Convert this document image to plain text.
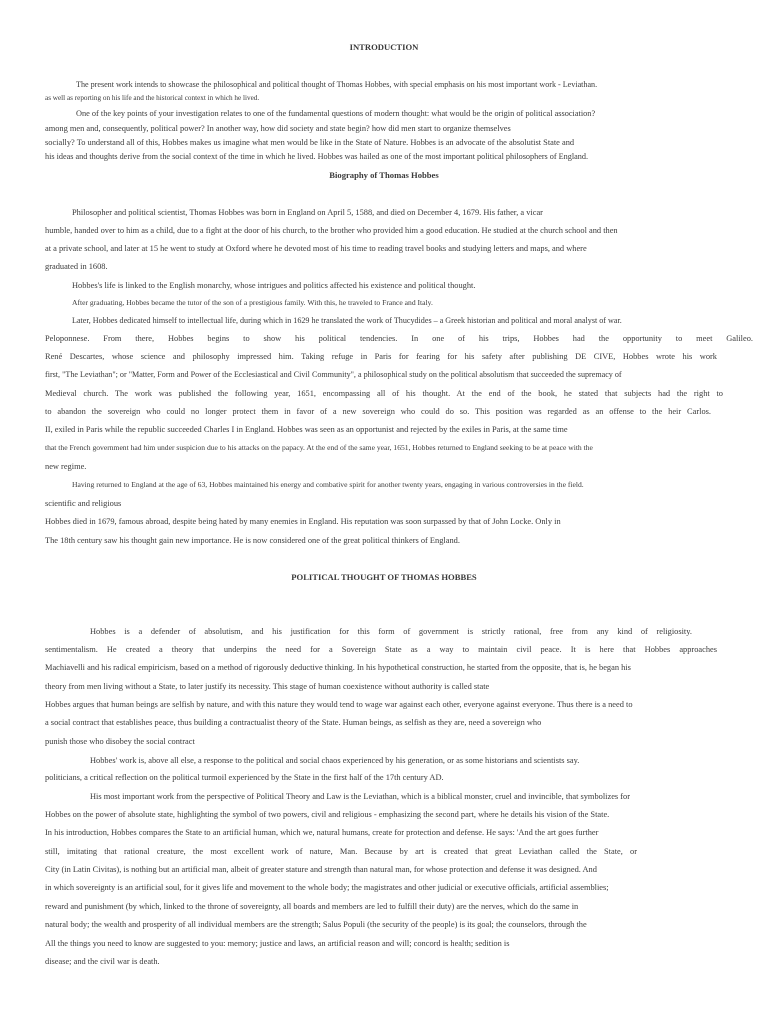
INTRODUCTION
The present work intends to showcase the philosophical and political thought of Thomas Hobbes, with special emphasis on his most important work - Leviathan.
as well as reporting on his life and the historical context in which he lived.
One of the key points of your investigation relates to one of the fundamental questions of modern thought: what would be the origin of political association?
among men and, consequently, political power? In another way, how did society and state begin? how did men start to organize themselves
socially? To understand all of this, Hobbes makes us imagine what men would be like in the State of Nature. Hobbes is an advocate of the absolutist State and
his ideas and thoughts derive from the social context of the time in which he lived. Hobbes was hailed as one of the most important political philosophers of England.
Biography of Thomas Hobbes
Philosopher and political scientist, Thomas Hobbes was born in England on April 5, 1588, and died on December 4, 1679. His father, a vicar
humble, handed over to him as a child, due to a fight at the door of his church, to the brother who provided him a good education. He studied at the church school and then
at a private school, and later at 15 he went to study at Oxford where he devoted most of his time to reading travel books and studying letters and maps, and where
graduated in 1608.
Hobbes's life is linked to the English monarchy, whose intrigues and politics affected his existence and political thought.
After graduating, Hobbes became the tutor of the son of a prestigious family. With this, he traveled to France and Italy.
Later, Hobbes dedicated himself to intellectual life, during which in 1629 he translated the work of Thucydides – a Greek historian and political and moral analyst of war.
Peloponnese. From there, Hobbes begins to show his political tendencies. In one of his trips, Hobbes had the opportunity to meet Galileo.
René Descartes, whose science and philosophy impressed him. Taking refuge in Paris for fearing for his safety after publishing DE CIVE, Hobbes wrote his work
first, "The Leviathan"; or "Matter, Form and Power of the Ecclesiastical and Civil Community", a philosophical study on the political absolutism that succeeded the supremacy of
Medieval church. The work was published the following year, 1651, encompassing all of his thought. At the end of the book, he stated that subjects had the right to
to abandon the sovereign who could no longer protect them in favor of a new sovereign who could do so. This position was regarded as an offense to the heir Carlos.
II, exiled in Paris while the republic succeeded Charles I in England. Hobbes was seen as an opportunist and rejected by the exiles in Paris, at the same time
that the French government had him under suspicion due to his attacks on the papacy. At the end of the same year, 1651, Hobbes returned to England seeking to be at peace with the
new regime.
Having returned to England at the age of 63, Hobbes maintained his energy and combative spirit for another twenty years, engaging in various controversies in the field.
scientific and religious
Hobbes died in 1679, famous abroad, despite being hated by many enemies in England. His reputation was soon surpassed by that of John Locke. Only in
The 18th century saw his thought gain new importance. He is now considered one of the great political thinkers of England.
POLITICAL THOUGHT OF THOMAS HOBBES
Hobbes is a defender of absolutism, and his justification for this form of government is strictly rational, free from any kind of religiosity.
sentimentalism. He created a theory that underpins the need for a Sovereign State as a way to maintain civil peace. It is here that Hobbes approaches
Machiavelli and his radical empiricism, based on a method of rigorously deductive thinking. In his hypothetical construction, he started from the opposite, that is, he began his
theory from men living without a State, to later justify its necessity. This stage of human coexistence without authority is called state
Hobbes argues that human beings are selfish by nature, and with this nature they would tend to wage war against each other, everyone against everyone. Thus there is a need to
a social contract that establishes peace, thus building a contractualist theory of the State. Human beings, as selfish as they are, need a sovereign who
punish those who disobey the social contract
Hobbes' work is, above all else, a response to the political and social chaos experienced by his generation, or as some historians and scientists say.
politicians, a critical reflection on the political turmoil experienced by the State in the first half of the 17th century AD.
His most important work from the perspective of Political Theory and Law is the Leviathan, which is a biblical monster, cruel and invincible, that symbolizes for
Hobbes on the power of absolute state, highlighting the symbol of two powers, civil and religious - emphasizing the second part, where he details his vision of the State.
In his introduction, Hobbes compares the State to an artificial human, which we, natural humans, create for protection and defense. He says: 'And the art goes further
still, imitating that rational creature, the most excellent work of nature, Man. Because by art is created that great Leviathan called the State, or
City (in Latin Civitas), is nothing but an artificial man, albeit of greater stature and strength than natural man, for whose protection and defense it was designed. And
in which sovereignty is an artificial soul, for it gives life and movement to the whole body; the magistrates and other judicial or executive officials, artificial assemblies;
reward and punishment (by which, linked to the throne of sovereignty, all boards and members are led to fulfill their duty) are the nerves, which do the same in
natural body; the wealth and prosperity of all individual members are the strength; Salus Populi (the security of the people) is its goal; the counselors, through the
All the things you need to know are suggested to you: memory; justice and laws, an artificial reason and will; concord is health; sedition is
disease; and the civil war is death.
